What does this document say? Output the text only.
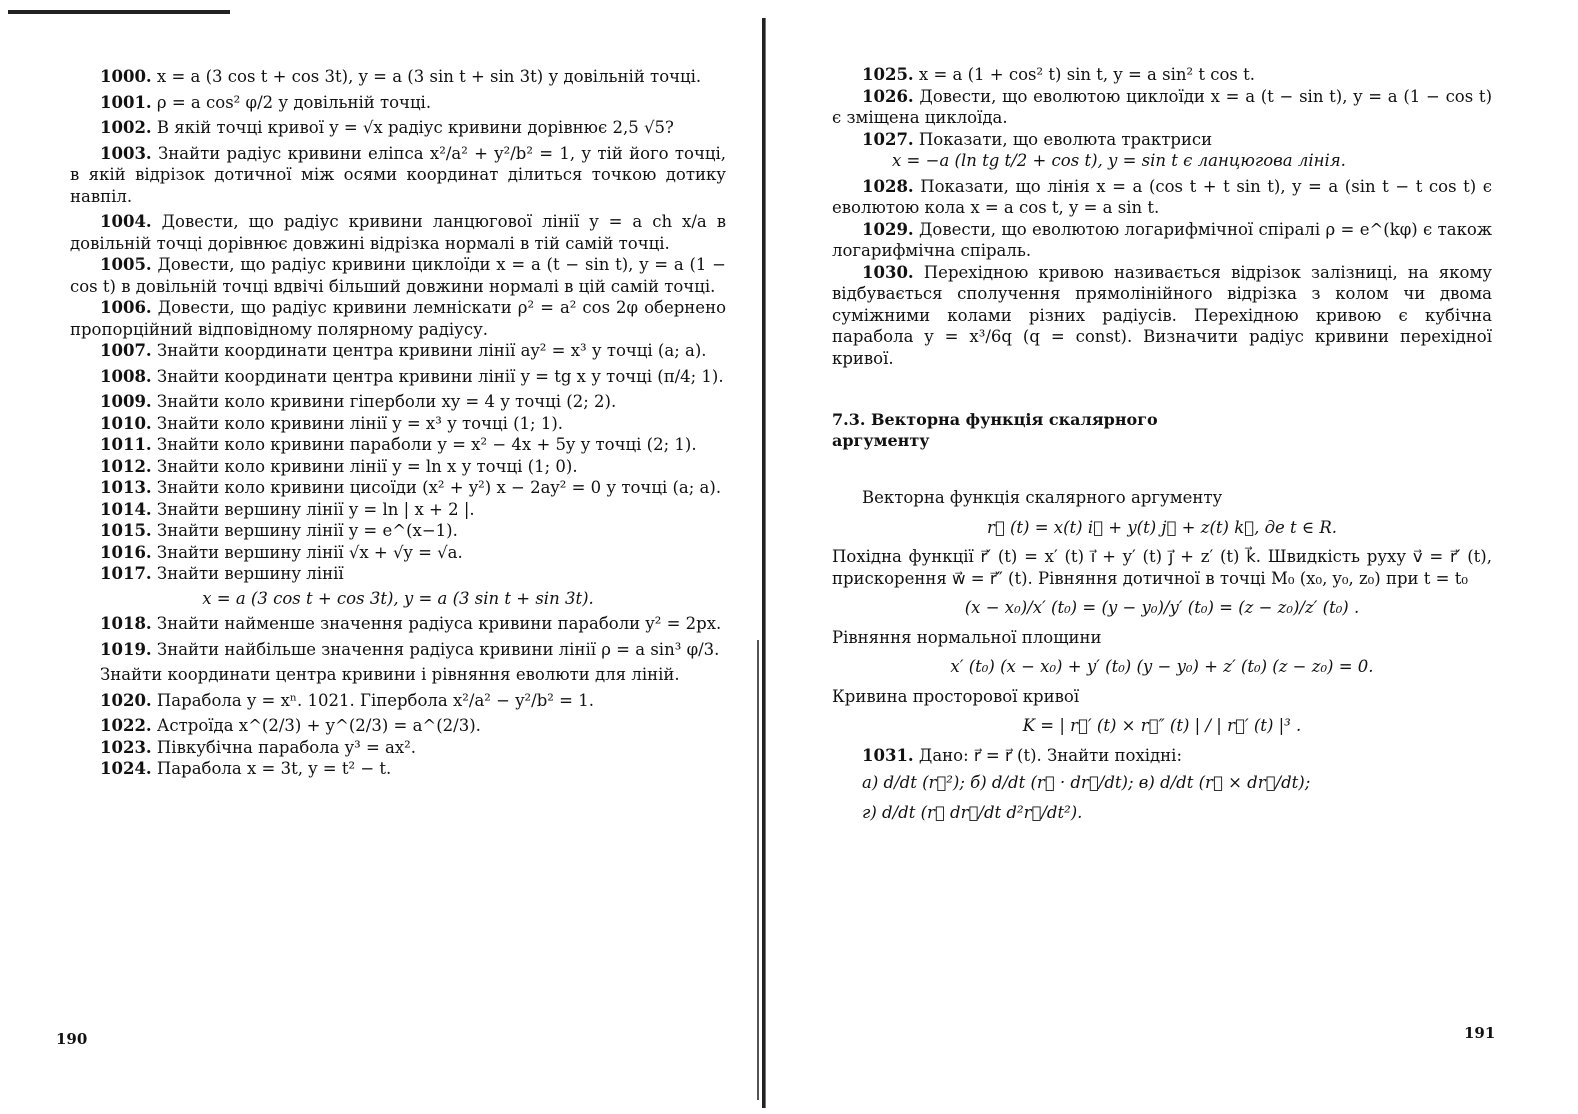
1000. x = a (3 cos t + cos 3t), y = a (3 sin t + sin 3t) у довільній точці.

1001. ρ = a cos² φ/2 у довільній точці.

1002. В якій точці кривої y = √x радіус кривини дорівнює 2,5 √5?

1003. Знайти радіус кривини еліпса x²/a² + y²/b² = 1, у тій його точці, в якій відрізок дотичної між осями координат ділиться точкою дотику навпіл.

1004. Довести, що радіус кривини ланцюгової лінії y = a ch x/a в довільній точці дорівнює довжині відрізка нормалі в тій самій точці.

1005. Довести, що радіус кривини циклоїди x = a (t − sin t), y = a (1 − cos t) в довільній точці вдвічі більший довжини нормалі в цій самій точці.

1006. Довести, що радіус кривини лемніскати ρ² = a² cos 2φ обернено пропорційний відповідному полярному радіусу.

1007. Знайти координати центра кривини лінії ay² = x³ у точці (a; a).

1008. Знайти координати центра кривини лінії y = tg x у точці (π/4; 1).

1009. Знайти коло кривини гіперболи xy = 4 у точці (2; 2).

1010. Знайти коло кривини лінії y = x³ у точці (1; 1).

1011. Знайти коло кривини параболи y = x² − 4x + 5y у точці (2; 1).

1012. Знайти коло кривини лінії y = ln x у точці (1; 0).

1013. Знайти коло кривини цисоїди (x² + y²) x − 2ay² = 0 у точці (a; a).

1014. Знайти вершину лінії y = ln | x + 2 |.

1015. Знайти вершину лінії y = e^(x−1).

1016. Знайти вершину лінії √x + √y = √a.

1017. Знайти вершину лінії

x = a (3 cos t + cos 3t), y = a (3 sin t + sin 3t).

1018. Знайти найменше значення радіуса кривини параболи y² = 2px.

1019. Знайти найбільше значення радіуса кривини лінії ρ = a sin³ φ/3.

Знайти координати центра кривини і рівняння еволюти для ліній.

1020. Парабола y = xⁿ. 1021. Гіпербола x²/a² − y²/b² = 1.

1022. Астроїда x^(2/3) + y^(2/3) = a^(2/3).

1023. Півкубічна парабола y³ = ax².

1024. Парабола x = 3t, y = t² − t.

190

1025. x = a (1 + cos² t) sin t, y = a sin² t cos t.

1026. Довести, що еволютою циклоїди x = a (t − sin t), y = a (1 − cos t) є зміщена циклоїда.

1027. Показати, що еволюта трактриси

x = −a (ln tg t/2 + cos t), y = sin t є ланцюгова лінія.

1028. Показати, що лінія x = a (cos t + t sin t), y = a (sin t − t cos t) є еволютою кола x = a cos t, y = a sin t.

1029. Довести, що еволютою логарифмічної спіралі ρ = e^(kφ) є також логарифмічна спіраль.

1030. Перехідною кривою називається відрізок залізниці, на якому відбувається сполучення прямолінійного відрізка з колом чи двома суміжними колами різних радіусів. Перехідною кривою є кубічна парабола y = x³/6q (q = const). Визначити радіус кривини перехідної кривої.

7.3. Векторна функція скалярного
аргументу

Векторна функція скалярного аргументу

r⃗ (t) = x(t) i⃗ + y(t) j⃗ + z(t) k⃗, де t ∈ R.

Похідна функції r⃗′ (t) = x′ (t) i⃗ + y′ (t) j⃗ + z′ (t) k⃗. Швидкість руху v⃗ = r⃗′ (t), прискорення w⃗ = r⃗″ (t). Рівняння дотичної в точці M₀ (x₀, y₀, z₀) при t = t₀

(x − x₀)/x′ (t₀) = (y − y₀)/y′ (t₀) = (z − z₀)/z′ (t₀) .

Рівняння нормальної площини

x′ (t₀) (x − x₀) + y′ (t₀) (y − y₀) + z′ (t₀) (z − z₀) = 0.

Кривина просторової кривої

K = | r⃗′ (t) × r⃗″ (t) | / | r⃗′ (t) |³ .

1031. Дано: r⃗ = r⃗ (t). Знайти похідні:

а) d/dt (r⃗²); б) d/dt (r⃗ · dr⃗/dt); в) d/dt (r⃗ × dr⃗/dt);

г) d/dt (r⃗ dr⃗/dt d²r⃗/dt²).

191
